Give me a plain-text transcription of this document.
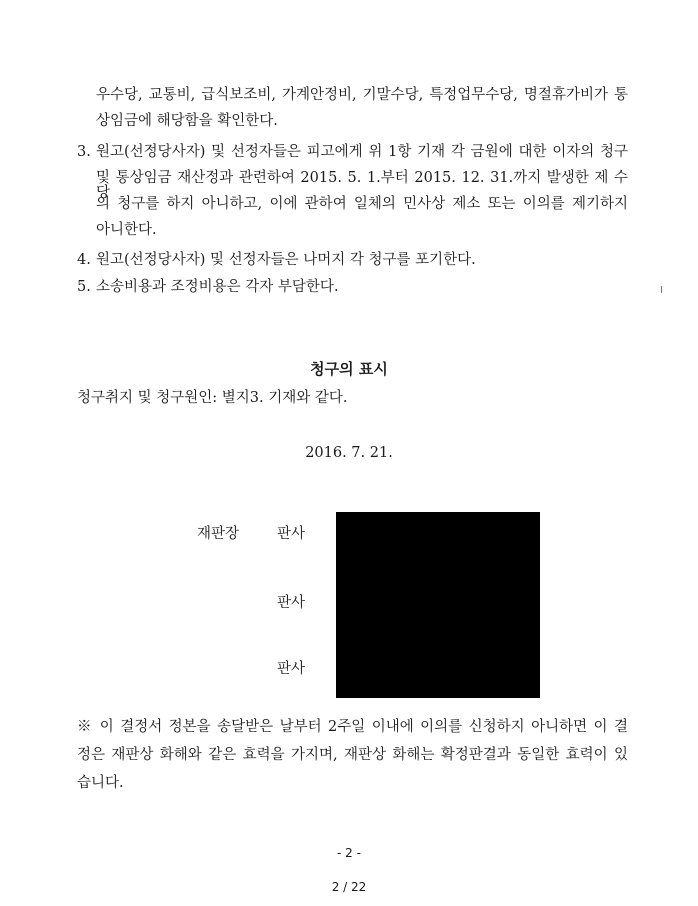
우수당, 교통비, 급식보조비, 가계안정비, 기말수당, 특정업무수당, 명절휴가비가 통
상임금에 해당함을 확인한다.
3. 원고(선정당사자) 및 선정자들은 피고에게 위 1항 기재 각 금원에 대한 이자의 청구
및 통상임금 재산정과 관련하여 2015. 5. 1.부터 2015. 12. 31.까지 발생한 제 수당
의 청구를 하지 아니하고, 이에 관하여 일체의 민사상 제소 또는 이의를 제기하지
아니한다.
4. 원고(선정당사자) 및 선정자들은 나머지 각 청구를 포기한다.
5. 소송비용과 조정비용은 각자 부담한다.
청구의 표시
청구취지 및 청구원인: 별지3. 기재와 같다.
2016. 7. 21.
재판장	판사
판사
판사
※ 이 결정서 정본을 송달받은 날부터 2주일 이내에 이의를 신청하지 아니하면 이 결
정은 재판상 화해와 같은 효력을 가지며, 재판상 화해는 확정판결과 동일한 효력이 있
습니다.
- 2 -
2 / 22
